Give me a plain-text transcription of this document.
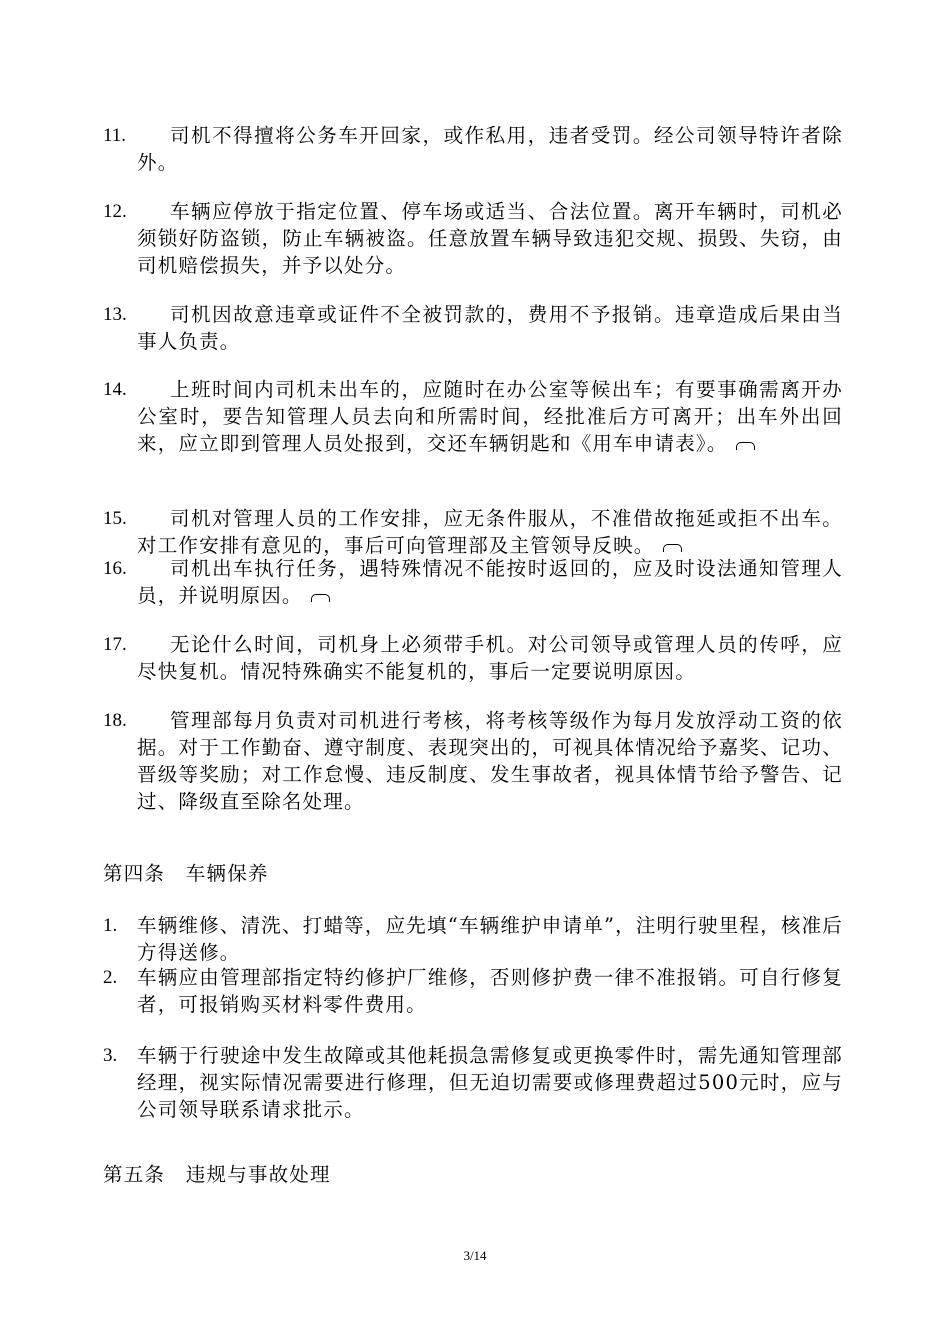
11.	司机不得擅将公务车开回家，或作私用，违者受罚。经公司领导特许者除外。
12.	车辆应停放于指定位置、停车场或适当、合法位置。离开车辆时，司机必须锁好防盗锁，防止车辆被盗。任意放置车辆导致违犯交规、损毁、失窃，由司机赔偿损失，并予以处分。
13.	司机因故意违章或证件不全被罚款的，费用不予报销。违章造成后果由当事人负责。
14.	上班时间内司机未出车的，应随时在办公室等候出车；有要事确需离开办公室时，要告知管理人员去向和所需时间，经批准后方可离开；出车外出回来，应立即到管理人员处报到，交还车辆钥匙和《用车申请表》。
15.	司机对管理人员的工作安排，应无条件服从，不准借故拖延或拒不出车。对工作安排有意见的，事后可向管理部及主管领导反映。
16.	司机出车执行任务，遇特殊情况不能按时返回的，应及时设法通知管理人员，并说明原因。
17.	无论什么时间，司机身上必须带手机。对公司领导或管理人员的传呼，应尽快复机。情况特殊确实不能复机的，事后一定要说明原因。
18.	管理部每月负责对司机进行考核，将考核等级作为每月发放浮动工资的依据。对于工作勤奋、遵守制度、表现突出的，可视具体情况给予嘉奖、记功、晋级等奖励；对工作怠慢、违反制度、发生事故者，视具体情节给予警告、记过、降级直至除名处理。
第四条　车辆保养
1.	车辆维修、清洗、打蜡等，应先填“车辆维护申请单”，注明行驶里程，核准后方得送修。
2.	车辆应由管理部指定特约修护厂维修，否则修护费一律不准报销。可自行修复者，可报销购买材料零件费用。
3.	车辆于行驶途中发生故障或其他耗损急需修复或更换零件时，需先通知管理部经理，视实际情况需要进行修理，但无迫切需要或修理费超过500元时，应与公司领导联系请求批示。
第五条　违规与事故处理
3/14
